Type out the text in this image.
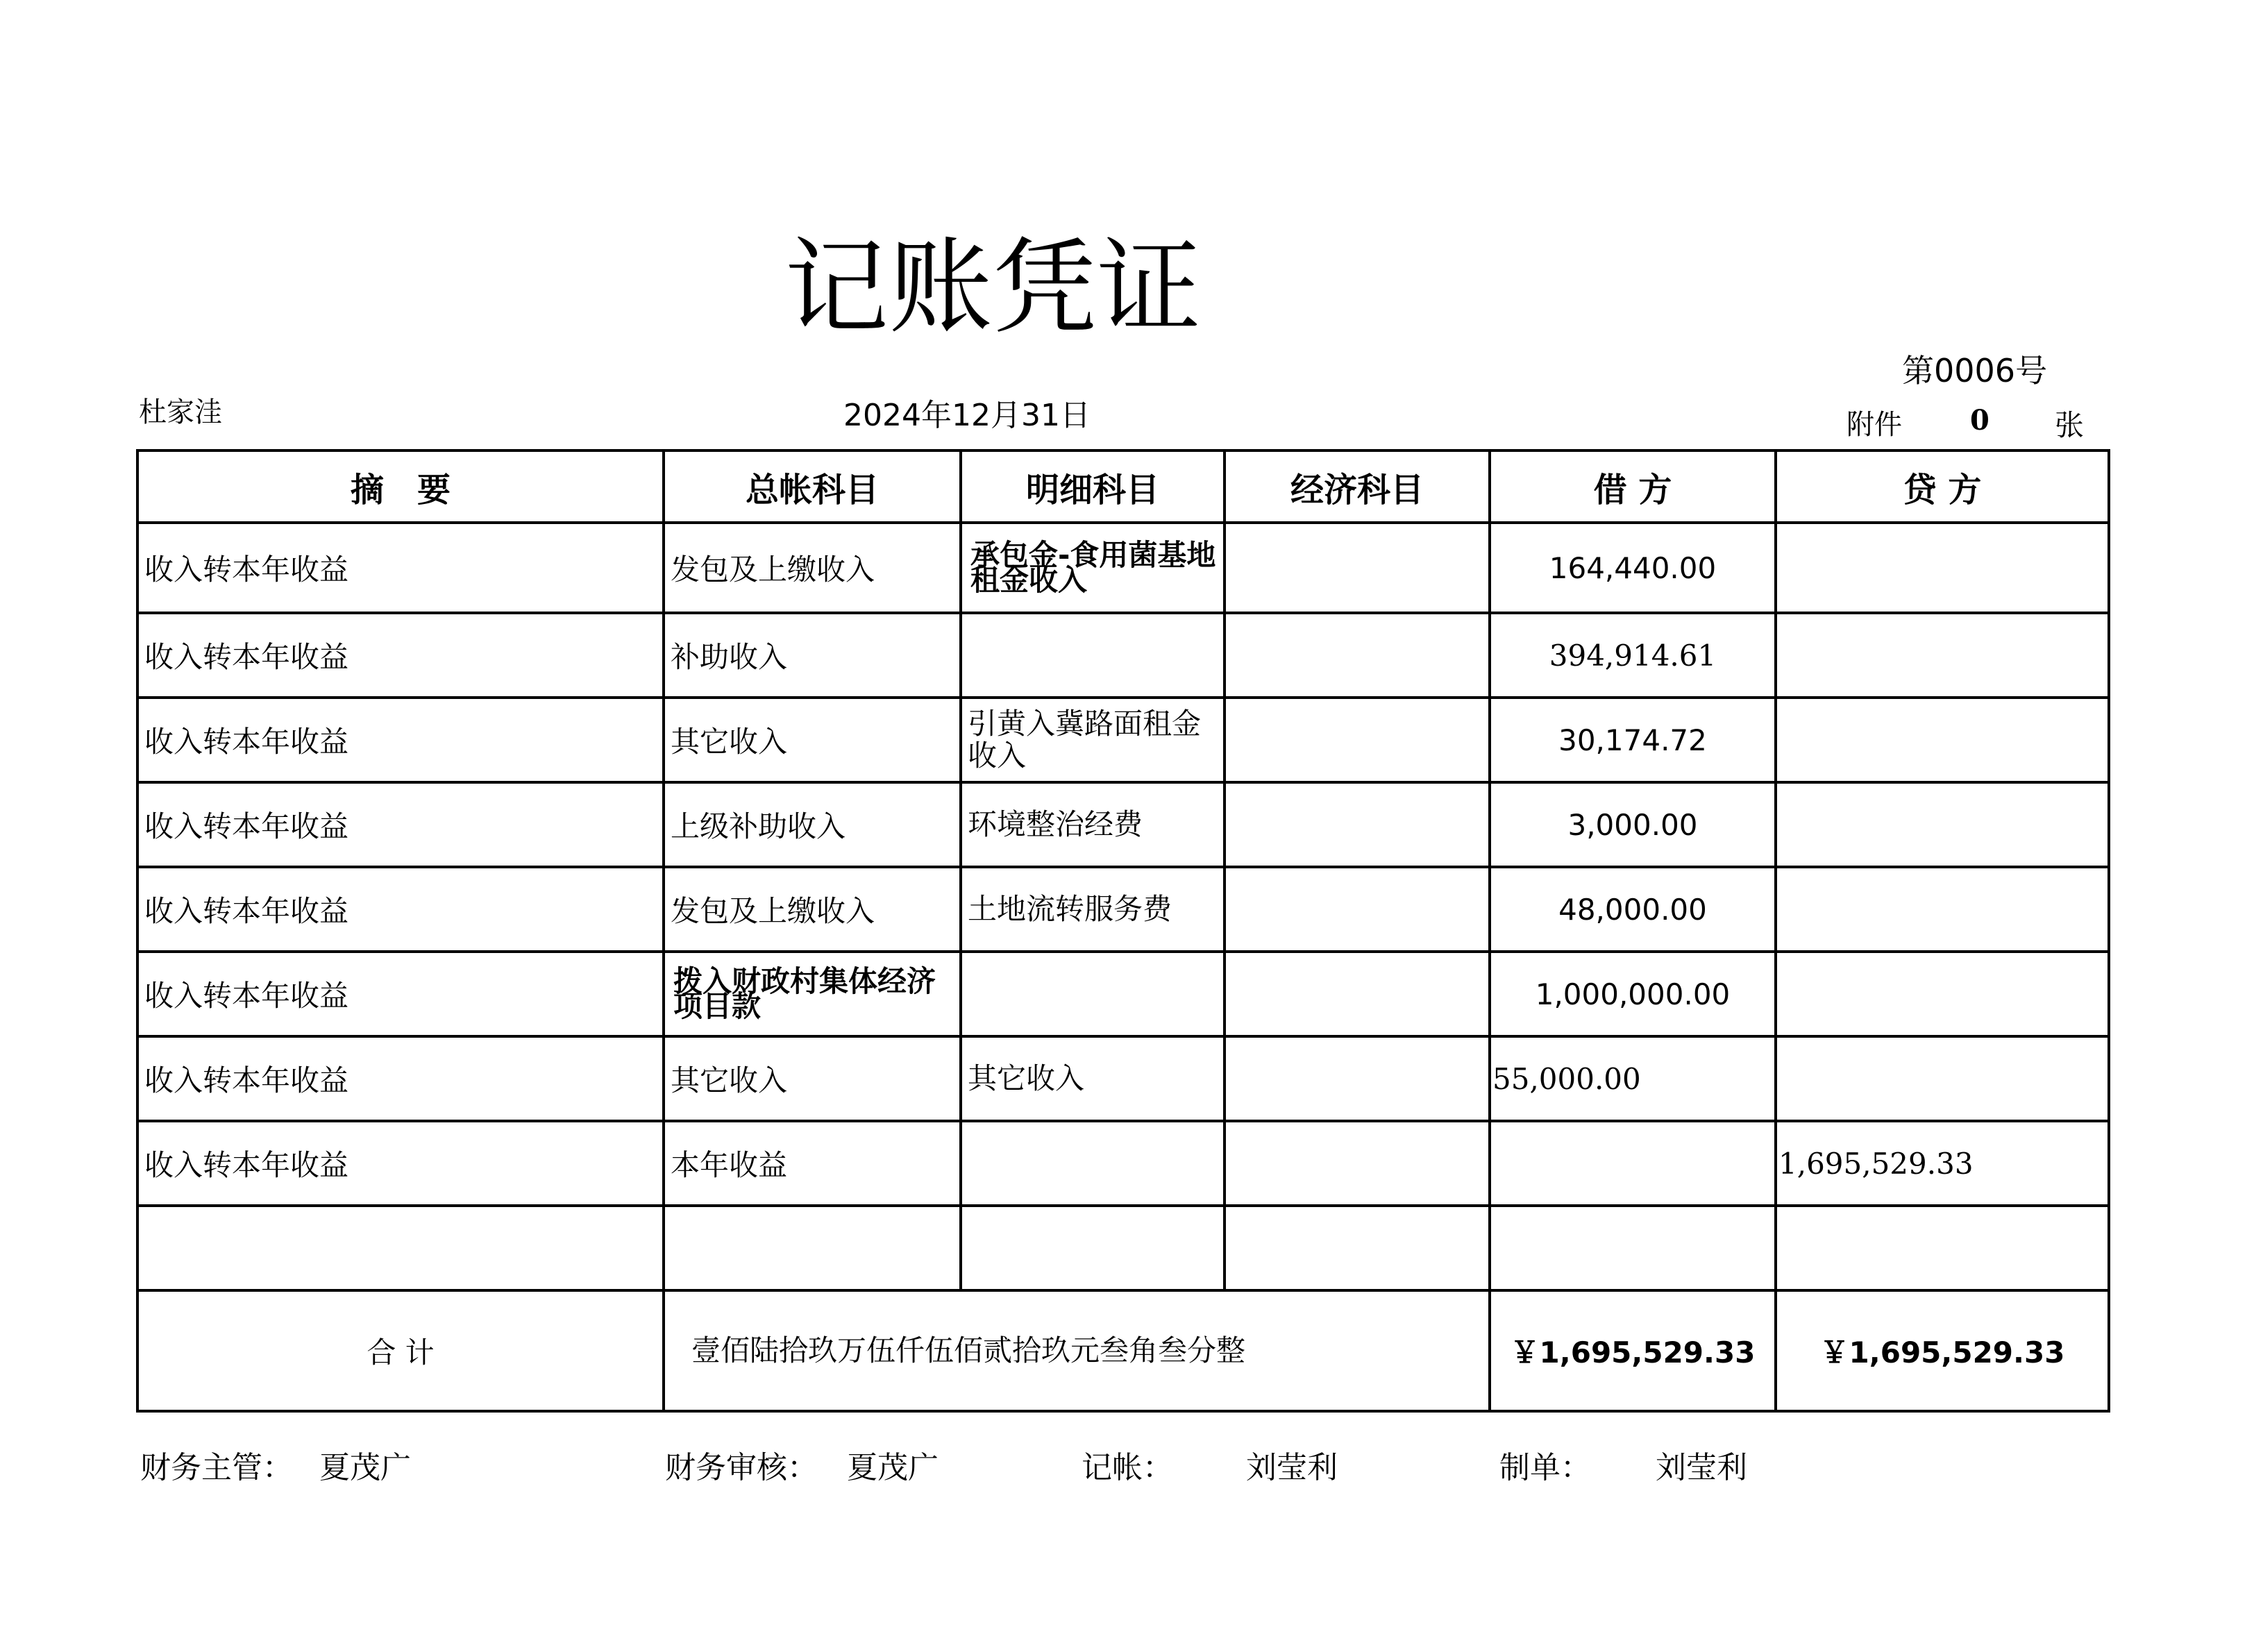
记账凭证
第0006号
杜家洼	2024年12月31日	附件 0 张
摘　要	总帐科目	明细科目	经济科目	借 方	贷 方
收入转本年收益	发包及上缴收入	承包金-食用菌基地租金收入		164,440.00	
收入转本年收益	补助收入			394,914.61	
收入转本年收益	其它收入	引黄入冀路面租金收入		30,174.72	
收入转本年收益	上级补助收入	环境整治经费		3,000.00	
收入转本年收益	发包及上缴收入	土地流转服务费		48,000.00	
收入转本年收益	拨入财政村集体经济项目款			1,000,000.00	
收入转本年收益	其它收入	其它收入		55,000.00	
收入转本年收益	本年收益				1,695,529.33

合 计	壹佰陆拾玖万伍仟伍佰贰拾玖元叁角叁分整			￥1,695,529.33	￥1,695,529.33
财务主管： 夏茂广	财务审核： 夏茂广	记帐： 刘莹利	制单： 刘莹利
